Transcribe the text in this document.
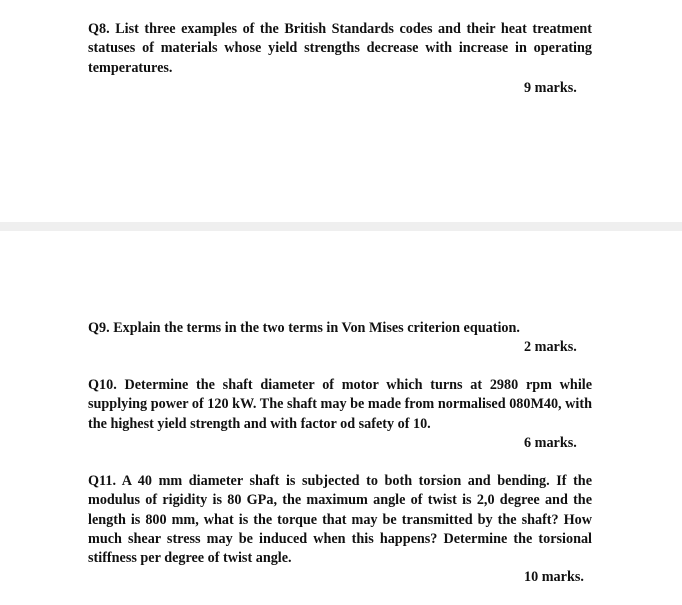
Q8. List three examples of the British Standards codes and their heat treatment statuses of materials whose yield strengths decrease with increase in operating temperatures.

9 marks.

Q9. Explain the terms in the two terms in Von Mises criterion equation.

2 marks.

Q10. Determine the shaft diameter of motor which turns at 2980 rpm while supplying power of 120 kW. The shaft may be made from normalised 080M40, with the highest yield strength and with factor od safety of 10.

6 marks.

Q11. A 40 mm diameter shaft is subjected to both torsion and bending. If the modulus of rigidity is 80 GPa, the maximum angle of twist is 2,0 degree and the length is 800 mm, what is the torque that may be transmitted by the shaft? How much shear stress may be induced when this happens? Determine the torsional stiffness per degree of twist angle.

10 marks.
